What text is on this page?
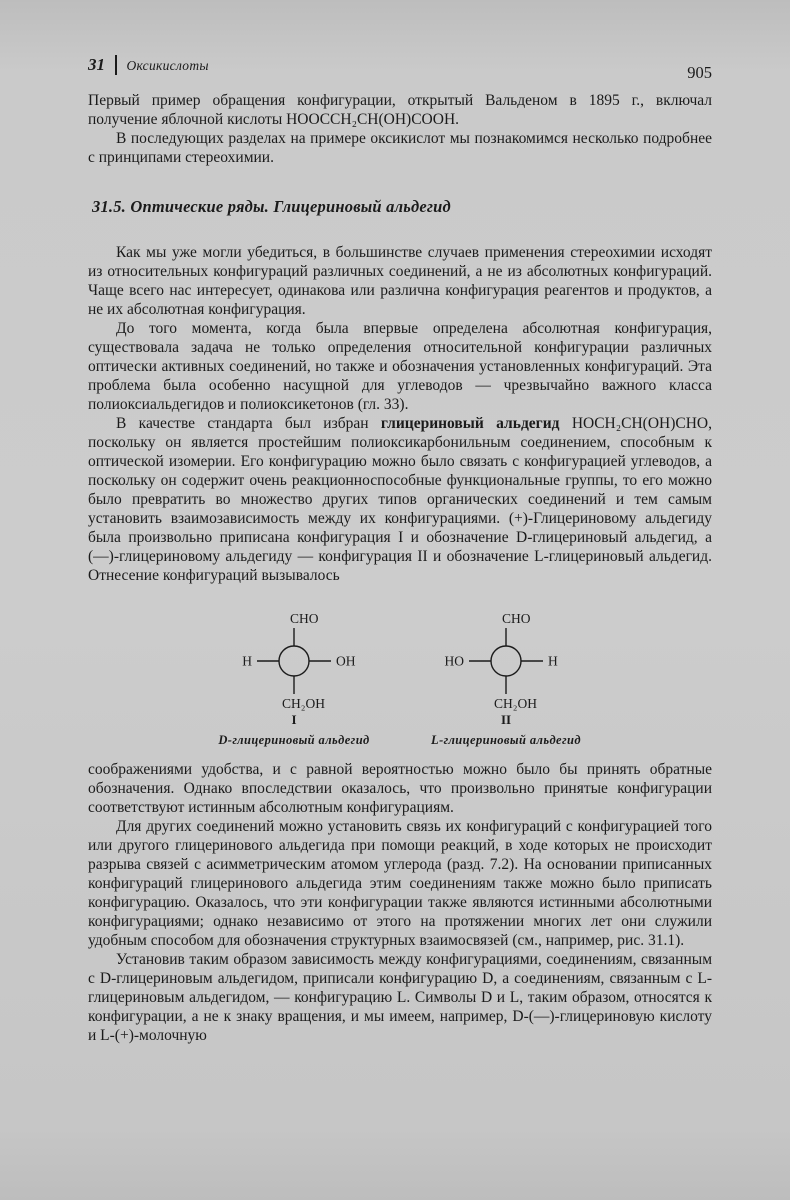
31 Оксикислоты	905

Первый пример обращения конфигурации, открытый Вальденом в 1895 г., включал получение яблочной кислоты HOOCCH₂CH(OH)COOH.

В последующих разделах на примере оксикислот мы познакомимся несколько подробнее с принципами стереохимии.

31.5. Оптические ряды. Глицериновый альдегид

Как мы уже могли убедиться, в большинстве случаев применения стереохимии исходят из относительных конфигураций различных соединений, а не из абсолютных конфигураций. Чаще всего нас интересует, одинакова или различна конфигурация реагентов и продуктов, а не их абсолютная конфигурация.

До того момента, когда была впервые определена абсолютная конфигурация, существовала задача не только определения относительной конфигурации различных оптически активных соединений, но также и обозначения установленных конфигураций. Эта проблема была особенно насущной для углеводов — чрезвычайно важного класса полиоксиальдегидов и полиоксикетонов (гл. 33).

В качестве стандарта был избран глицериновый альдегид HOCH₂CH(OH)CHO, поскольку он является простейшим полиоксикарбонильным соединением, способным к оптической изомерии. Его конфигурацию можно было связать с конфигурацией углеводов, а поскольку он содержит очень реакционноспособные функциональные группы, то его можно было превратить во множество других типов органических соединений и тем самым установить взаимозависимость между их конфигурациями. (+)-Глицериновому альдегиду была произвольно приписана конфигурация I и обозначение D-глицериновый альдегид, а (—)-глицериновому альдегиду — конфигурация II и обозначение L-глицериновый альдегид. Отнесение конфигураций вызывалось

CHO
H	OH
CH₂OH
I
D-глицериновый альдегид
CHO
HO	H
CH₂OH
II
L-глицериновый альдегид

соображениями удобства, и с равной вероятностью можно было бы принять обратные обозначения. Однако впоследствии оказалось, что произвольно принятые конфигурации соответствуют истинным абсолютным конфигурациям.

Для других соединений можно установить связь их конфигураций с конфигурацией того или другого глицеринового альдегида при помощи реакций, в ходе которых не происходит разрыва связей с асимметрическим атомом углерода (разд. 7.2). На основании приписанных конфигураций глицеринового альдегида этим соединениям также можно было приписать конфигурацию. Оказалось, что эти конфигурации также являются истинными абсолютными конфигурациями; однако независимо от этого на протяжении многих лет они служили удобным способом для обозначения структурных взаимосвязей (см., например, рис. 31.1).

Установив таким образом зависимость между конфигурациями, соединениям, связанным с D-глицериновым альдегидом, приписали конфигурацию D, а соединениям, связанным с L-глицериновым альдегидом, — конфигурацию L. Символы D и L, таким образом, относятся к конфигурации, а не к знаку вращения, и мы имеем, например, D-(—)-глицериновую кислоту и L-(+)-молочную
